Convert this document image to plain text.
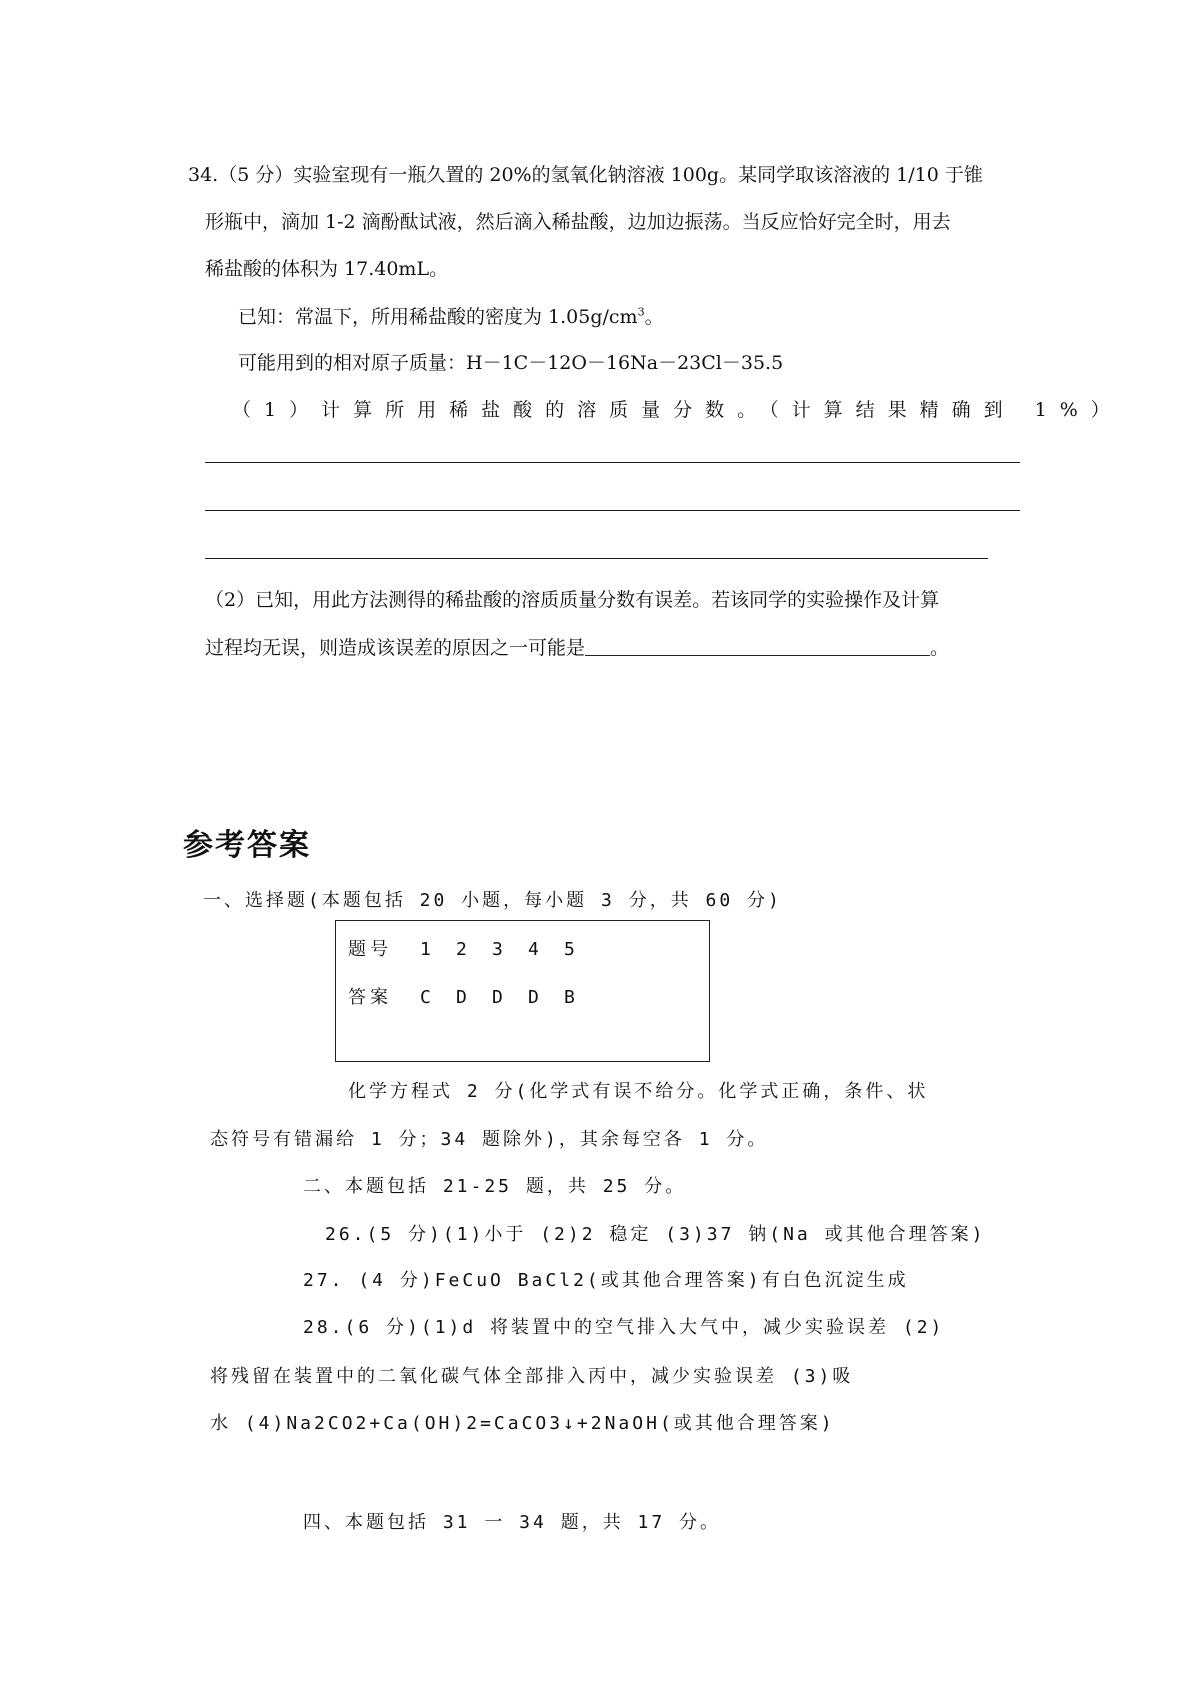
34.（5 分）实验室现有一瓶久置的 20%的氢氧化钠溶液 100g。某同学取该溶液的 1/10 于锥
形瓶中，滴加 1-2 滴酚酞试液，然后滴入稀盐酸，边加边振荡。当反应恰好完全时，用去
稀盐酸的体积为 17.40mL。
已知：常温下，所用稀盐酸的密度为 $1.05g/cm^3$。
可能用到的相对原子质量：H－1C－12O－16Na－23Cl－35.5
（1）计算所用稀盐酸的溶质量分数。（计算结果精确到 1%）
（2）已知，用此方法测得的稀盐酸的溶质质量分数有误差。若该同学的实验操作及计算
过程均无误，则造成该误差的原因之一可能是	。
参考答案
一、选择题(本题包括 20 小题，每小题 3 分，共 60 分)
题号 1 2 3 4 5
答案 C D D D B
化学方程式 2 分(化学式有误不给分。化学式正确，条件、状
态符号有错漏给 1 分；34 题除外)，其余每空各 1 分。
二、本题包括 21-25 题，共 25 分。
26.(5 分)(1)小于 (2)2 稳定 (3)37 钠(Na 或其他合理答案)
27. (4 分)FeCuO BaCl2(或其他合理答案)有白色沉淀生成
28.(6 分)(1)d 将装置中的空气排入大气中，减少实验误差 (2)
将残留在装置中的二氧化碳气体全部排入丙中，减少实验误差 (3)吸
水 (4)Na2CO2+Ca(OH)2=CaCO3↓+2NaOH(或其他合理答案)
四、本题包括 31 一 34 题，共 17 分。
